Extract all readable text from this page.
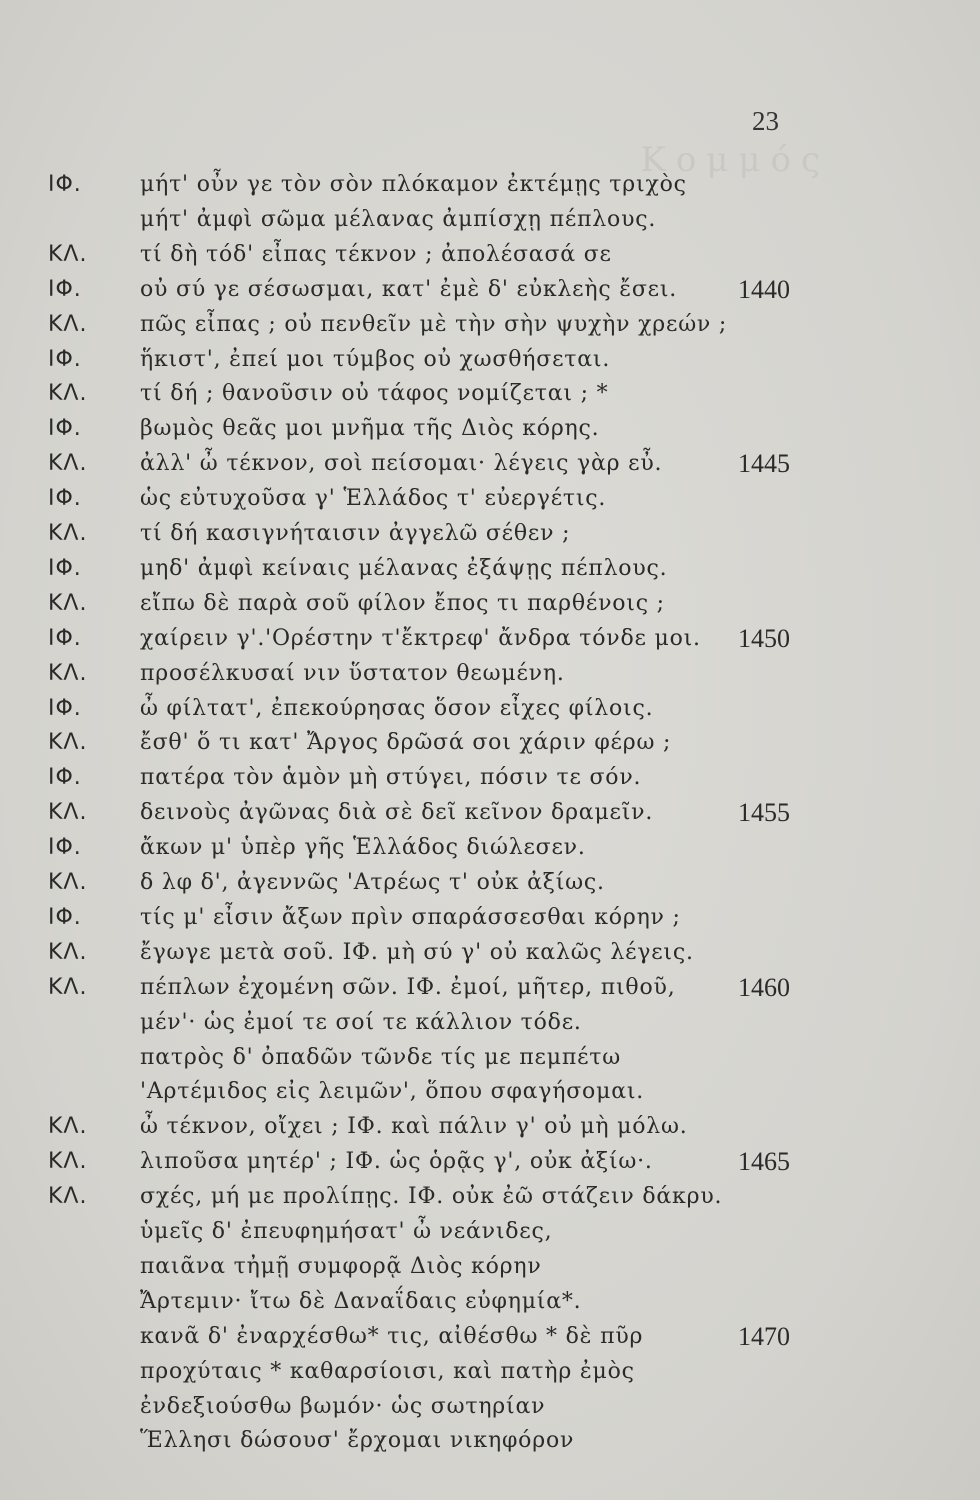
Κομμός
23
ΙΦ.	μήτ' οὖν γε τὸν σὸν πλόκαμον ἐκτέμῃς τριχὸς
μήτ' ἀμφὶ σῶμα μέλανας ἀμπίσχῃ πέπλους.
ΚΛ.	τί δὴ τόδ' εἶπας τέκνον ; ἀπολέσασά σε
ΙΦ.	οὐ σύ γε σέσωσμαι, κατ' ἐμὲ δ' εὐκλεὴς ἔσει. 1440
ΚΛ.	πῶς εἶπας ; οὐ πενθεῖν μὲ τὴν σὴν ψυχὴν χρεών ;
ΙΦ.	ἥκιστ', ἐπεί μοι τύμβος οὐ χωσθήσεται.
ΚΛ.	τί δή ; θανοῦσιν οὐ τάφος νομίζεται ; *
ΙΦ.	βωμὸς θεᾶς μοι μνῆμα τῆς Διὸς κόρης.
ΚΛ.	ἀλλ' ὦ τέκνον, σοὶ πείσομαι· λέγεις γὰρ εὖ.	1445
ΙΦ.	ὡς εὐτυχοῦσα γ' Ἑλλάδος τ' εὐεργέτις.
ΚΛ.	τί δή κασιγνήταισιν ἀγγελῶ σέθεν ;
ΙΦ.	μηδ' ἀμφὶ κείναις μέλανας ἐξάψῃς πέπλους.
ΚΛ.	εἴπω δὲ παρὰ σοῦ φίλον ἔπος τι παρθένοις ;
ΙΦ.	χαίρειν γ'.'Ορέστην τ'ἔκτρεφ' ἄνδρα τόνδε μοι. 1450
ΚΛ.	προσέλκυσαί νιν ὕστατον θεωμένη.
ΙΦ.	ὦ φίλτατ', ἐπεκούρησας ὅσον εἶχες φίλοις.
ΚΛ.	ἔσθ' ὅ τι κατ' Ἄργος δρῶσά σοι χάριν φέρω ;
ΙΦ.	πατέρα τὸν ἁμὸν μὴ στύγει, πόσιν τε σόν.
ΚΛ.	δεινοὺς ἀγῶνας διὰ σὲ δεῖ κεῖνον δραμεῖν.	1455
ΙΦ.	ἄκων μ' ὑπὲρ γῆς Ἑλλάδος διώλεσεν.
ΚΛ.	δ λφ δ', ἀγεννῶς 'Ατρέως τ' οὐκ ἀξίως.
ΙΦ.	τίς μ' εἶσιν ἄξων πρὶν σπαράσσεσθαι κόρην ;
ΚΛ.	ἔγωγε μετὰ σοῦ. ΙΦ. μὴ σύ γ' οὐ καλῶς λέγεις.
ΚΛ.	πέπλων ἐχομένη σῶν. ΙΦ. ἐμοί, μῆτερ, πιθοῦ, 1460
μέν'· ὡς ἐμοί τε σοί τε κάλλιον τόδε.
πατρὸς δ' ὀπαδῶν τῶνδε τίς με πεμπέτω
'Αρτέμιδος εἰς λειμῶν', ὅπου σφαγήσομαι.
ΚΛ.	ὦ τέκνον, οἴχει ; ΙΦ. καὶ πάλιν γ' οὐ μὴ μόλω.
ΚΛ.	λιποῦσα μητέρ' ; ΙΦ. ὡς ὁρᾷς γ', οὐκ ἀξίω·.	1465
ΚΛ.	σχές, μή με προλίπῃς. ΙΦ. οὐκ ἐῶ στάζειν δάκρυ.
ὑμεῖς δ' ἐπευφημήσατ' ὦ νεάνιδες,
παιᾶνα τἠμῇ συμφορᾷ Διὸς κόρην
Ἄρτεμιν· ἴτω δὲ Δαναΐδαις εὐφημία*.
κανᾶ δ' ἐναρχέσθω* τις, αἰθέσθω * δὲ πῦρ	1470
προχύταις * καθαρσίοισι, καὶ πατὴρ ἐμὸς
ἐνδεξιούσθω βωμόν· ὡς σωτηρίαν
Ἕλλησι δώσουσ' ἔρχομαι νικηφόρον
